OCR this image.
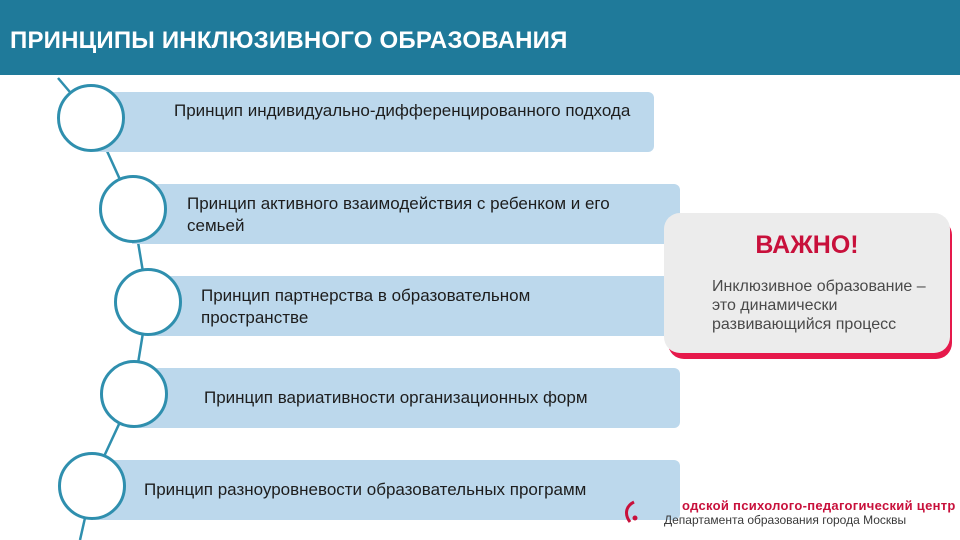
ПРИНЦИПЫ ИНКЛЮЗИВНОГО ОБРАЗОВАНИЯ
Принцип индивидуально-дифференцированного подхода
Принцип активного взаимодействия с ребенком и его семьей
Принцип партнерства в образовательном пространстве
Принцип вариативности организационных форм
Принцип разноуровневости образовательных программ
ВАЖНО!
Инклюзивное образование – это динамически развивающийся процесс
одской психолого-педагогический центр
Департамента образования города Москвы
